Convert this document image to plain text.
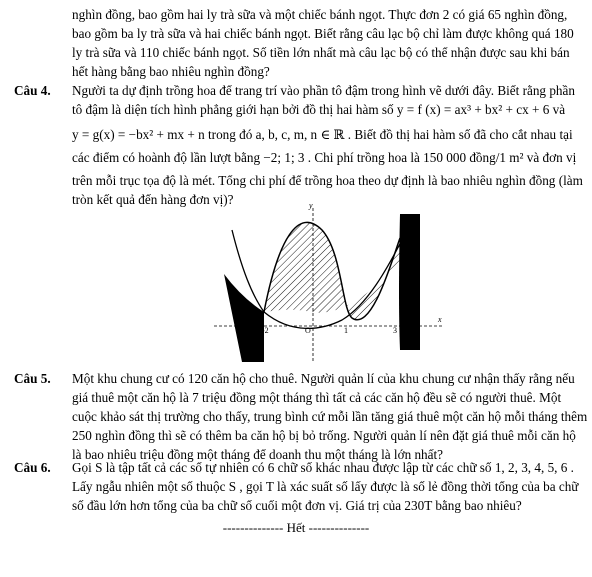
nghìn đồng, bao gồm hai ly trà sữa và một chiếc bánh ngọt. Thực đơn 2 có giá 65 nghìn đồng,
bao gồm ba ly trà sữa và hai chiếc bánh ngọt. Biết rằng câu lạc bộ chỉ làm được không quá 180
ly trà sữa và 110 chiếc bánh ngọt. Số tiền lớn nhất mà câu lạc bộ có thể nhận được sau khi bán
hết hàng bằng bao nhiêu nghìn đồng?
Câu 4. Người ta dự định trồng hoa để trang trí vào phần tô đậm trong hình vẽ dưới đây. Biết rằng phần
tô đậm là diện tích hình phẳng giới hạn bởi đồ thị hai hàm số y = f (x) = ax³ + bx² + cx + 6 và
y = g(x) = −bx² + mx + n trong đó a, b, c, m, n ∈ ℝ . Biết đồ thị hai hàm số đã cho cắt nhau tại
các điểm có hoành độ lần lượt bằng −2; 1; 3 . Chi phí trồng hoa là 150 000 đồng/1 m² và đơn vị
trên mỗi trục tọa độ là mét. Tổng chi phí để trồng hoa theo dự định là bao nhiêu nghìn đồng (làm
tròn kết quả đến hàng đơn vị)?	y
x
O
-2	1	3
Câu 5. Một khu chung cư có 120 căn hộ cho thuê. Người quản lí của khu chung cư nhận thấy rằng nếu
giá thuê một căn hộ là 7 triệu đồng một tháng thì tất cả các căn hộ đều sẽ có người thuê. Một
cuộc khảo sát thị trường cho thấy, trung bình cứ mỗi lần tăng giá thuê một căn hộ mỗi tháng thêm
250 nghìn đồng thì sẽ có thêm ba căn hộ bị bỏ trống. Người quản lí nên đặt giá thuê mỗi căn hộ
là bao nhiêu triệu đồng một tháng để doanh thu một tháng là lớn nhất?
Câu 6. Gọi S là tập tất cả các số tự nhiên có 6 chữ số khác nhau được lập từ các chữ số 1, 2, 3, 4, 5, 6 .
Lấy ngẫu nhiên một số thuộc S , gọi T là xác suất số lấy được là số lẻ đồng thời tổng của ba chữ
số đầu lớn hơn tổng của ba chữ số cuối một đơn vị. Giá trị của 230T bằng bao nhiêu?
-------------- Hết --------------
